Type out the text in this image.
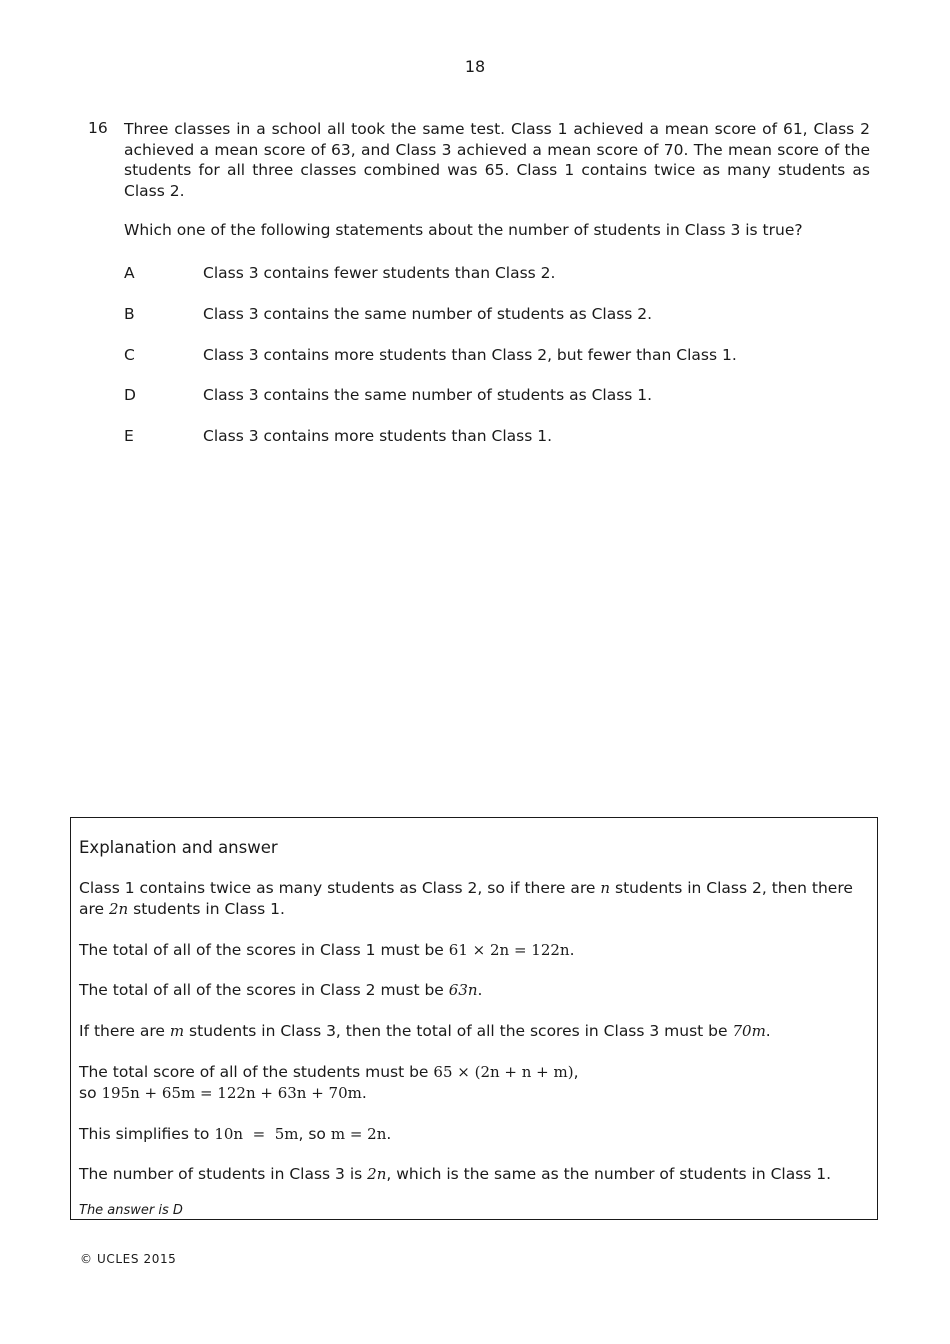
18
16 Three classes in a school all took the same test. Class 1 achieved a mean score of 61, Class 2 achieved a mean score of 63, and Class 3 achieved a mean score of 70. The mean score of the students for all three classes combined was 65. Class 1 contains twice as many students as Class 2.
Which one of the following statements about the number of students in Class 3 is true?
A	Class 3 contains fewer students than Class 2.
B	Class 3 contains the same number of students as Class 2.
C	Class 3 contains more students than Class 2, but fewer than Class 1.
D	Class 3 contains the same number of students as Class 1.
E	Class 3 contains more students than Class 1.
Explanation and answer
Class 1 contains twice as many students as Class 2, so if there are n students in Class 2, then there are 2n students in Class 1.
The total of all of the scores in Class 1 must be 61 × 2n = 122n.
The total of all of the scores in Class 2 must be 63n.
If there are m students in Class 3, then the total of all the scores in Class 3 must be 70m.
The total score of all of the students must be 65 × (2n + n + m),
so 195n + 65m = 122n + 63n + 70m.
This simplifies to 10n  =  5m, so m = 2n.
The number of students in Class 3 is 2n, which is the same as the number of students in Class 1.
The answer is D
© UCLES 2015
